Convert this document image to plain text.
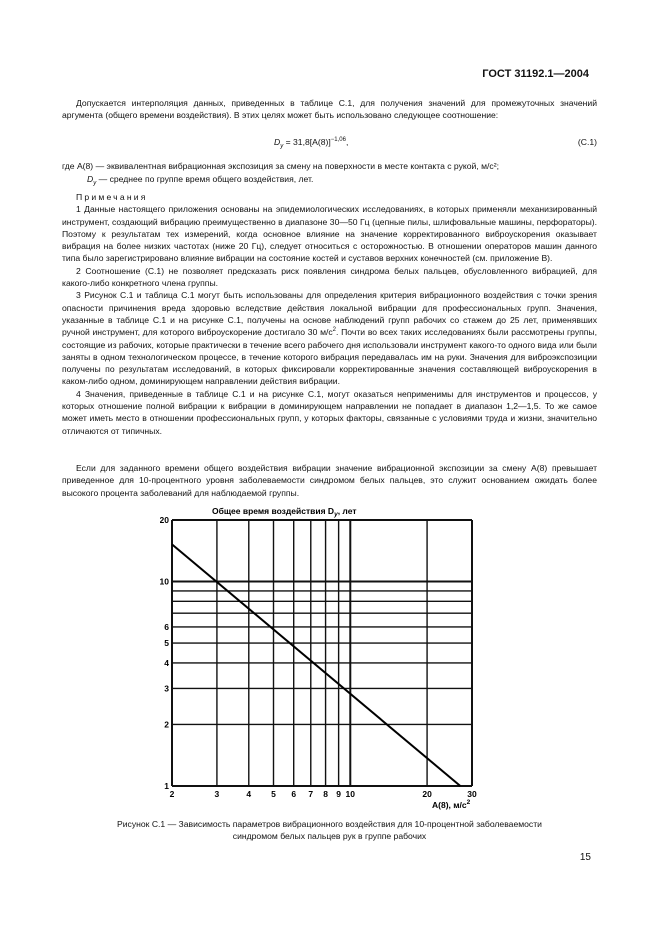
ГОСТ 31192.1—2004

Допускается интерполяция данных, приведенных в таблице С.1, для получения значений для промежуточных значений аргумента (общего времени воздействия). В этих целях может быть использовано следующее соотношение:

$D_y = 31,8[A(8)]^{-1,06}$,	(С.1)
где A(8) — эквивалентная вибрационная экспозиция за смену на поверхности в месте контакта с рукой, м/с²;
$D_y$ — среднее по группе время общего воздействия, лет.

Примечания

1 Данные настоящего приложения основаны на эпидемиологических исследованиях, в которых применяли механизированный инструмент, создающий вибрацию преимущественно в диапазоне 30—50 Гц (цепные пилы, шлифовальные машины, перфораторы). Поэтому к результатам тех измерений, когда основное влияние на значение корректированного виброускорения оказывает вибрация на более низких частотах (ниже 20 Гц), следует относиться с осторожностью. В отношении операторов машин данного типа было зарегистрировано влияние вибрации на состояние костей и суставов верхних конечностей (см. приложение В).

2 Соотношение (С.1) не позволяет предсказать риск появления синдрома белых пальцев, обусловленного вибрацией, для какого-либо конкретного члена группы.

3 Рисунок С.1 и таблица С.1 могут быть использованы для определения критерия вибрационного воздействия с точки зрения опасности причинения вреда здоровью вследствие действия локальной вибрации для профессиональных групп. Значения, указанные в таблице С.1 и на рисунке С.1, получены на основе наблюдений групп рабочих со стажем до 25 лет, применявших ручной инструмент, для которого виброускорение достигало 30 $м/с^2$. Почти во всех таких исследованиях были рассмотрены группы, состоящие из рабочих, которые практически в течение всего рабочего дня использовали инструмент какого-то одного вида или были заняты в одном технологическом процессе, в течение которого вибрация передавалась им на руки. Значения для виброэкспозиции получены по результатам исследований, в которых фиксировали корректированные значения составляющей виброускорения в каком-либо одном, доминирующем направлении действия вибрации.

4 Значения, приведенные в таблице С.1 и на рисунке С.1, могут оказаться неприменимы для инструментов и процессов, у которых отношение полной вибрации к вибрации в доминирующем направлении не попадает в диапазон 1,2—1,5. То же самое может иметь место в отношении профессиональных групп, у которых факторы, связанные с условиями труда и жизни, значительно отличаются от типичных.

Если для заданного времени общего воздействия вибрации значение вибрационной экспозиции за смену A(8) превышает приведенное для 10-процентного уровня заболеваемости синдромом белых пальцев, это служит основанием ожидать более высокого процента заболеваний для наблюдаемой группы.

2	3	4 5 6 7 8 9 10	20	30
1
2
3
4
5
6
10
20
Общее время воздействия $D_y$, лет
A(8), $м/с^2$
Рисунок С.1 — Зависимость параметров вибрационного воздействия для 10-процентной заболеваемости
синдромом белых пальцев рук в группе рабочих
15
